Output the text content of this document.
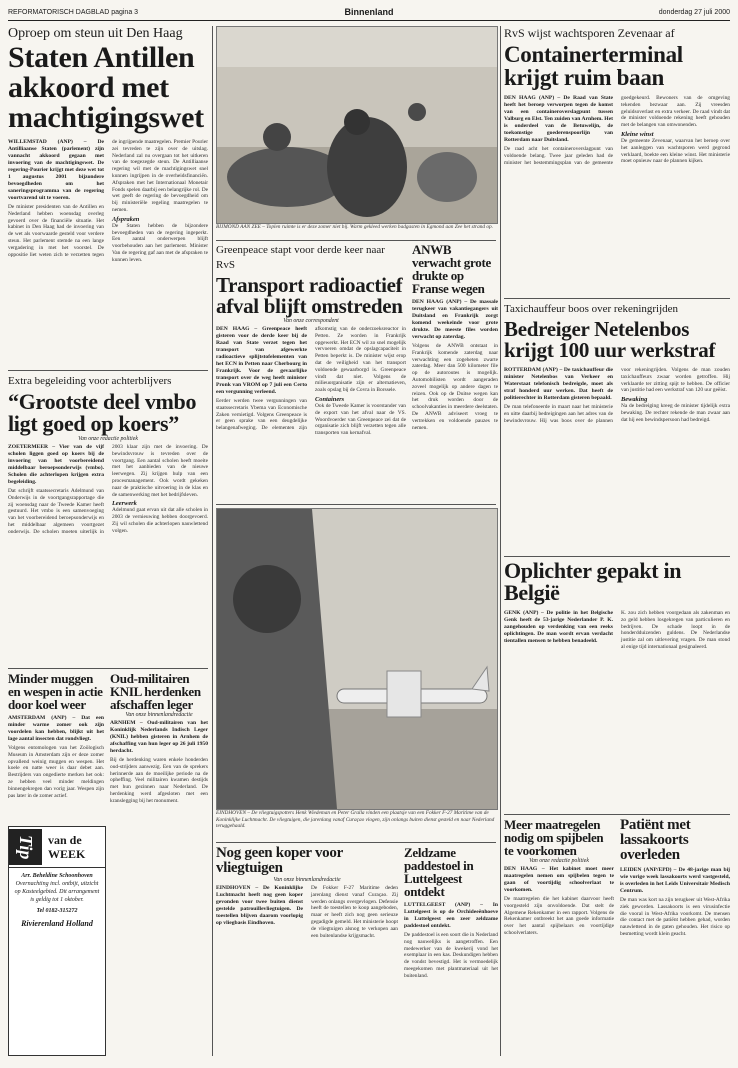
REFORMATORISCH DAGBLAD pagina 3	Binnenland	donderdag 27 juli 2000
Oproep om steun uit Den Haag
Staten Antillen akkoord met machtigingswet

WILLEMSTAD (ANP) – De Antilliaanse Staten (parlement) zijn vannacht akkoord gegaan met invoering van de machtigingswet. De regering-Pourier krijgt met deze wet tot 1 augustus 2001 bijzondere bevoegdheden om het saneringsprogramma van de regering voortvarend uit te voeren.

De minister presidenten van de Antillen en Nederland hebben woensdag overleg gevoerd over de financiële situatie. Het kabinet in Den Haag had de invoering van de wet als voorwaarde gesteld voor verdere steun. Het parlement stemde na een lange vergadering in met het voorstel. De oppositie liet weten zich te verzetten tegen de ingrijpende maatregelen. Premier Pourier zei tevreden te zijn over de uitslag. Nederland zal nu overgaan tot het uitkeren van de toegezegde steun. De Antilliaanse regering wil met de machtigingswet snel kunnen ingrijpen in de overheidsfinanciën. Afspraken met het Internationaal Monetair Fonds spelen daarbij een belangrijke rol. De wet geeft de regering de bevoegdheid om bij ministeriële regeling maatregelen te nemen.

Afspraken

De Staten hebben de bijzondere bevoegdheden van de regering ingeperkt. Een aantal onderwerpen blijft voorbehouden aan het parlement. Minister Van de regering gaf aan met de afspraken te kunnen leven.

BIJMOND AAN ZEE – Toplen ruimte is er deze zomer niet bij. Warm gekleed werken badgasten in Egmond aan Zee het strand op.
RvS wijst wachtsporen Zevenaar af
Containerterminal krijgt ruim baan

DEN HAAG (ANP) – De Raad van State heeft het beroep verworpen tegen de komst van een containeroverslagpunt tussen Valburg en Elst. Ten zuiden van Arnhem. Het is onderdeel van de Betuwelijn, de toekomstige goederenspoorlijn van Rotterdam naar Duitsland.

De raad acht het containeroverslagpunt van voldoende belang. Twee jaar geleden had de minister het bestemmingsplan van de gemeente goedgekeurd. Bewoners van de omgeving tekenden bezwaar aan. Zij vreesden geluidsoverlast en extra verkeer. De raad vindt dat de minister voldoende rekening heeft gehouden met de belangen van omwonenden.

Kleine winst

De gemeente Zevenaar, waarvan het beroep over het aanleggen van wachtsporen werd gegrond verklaard, boekte een kleine winst. Het ministerie moet opnieuw naar de plannen kijken.

Greenpeace stapt voor derde keer naar RvS
Transport radioactief afval blijft omstreden
Van onze correspondent

DEN HAAG – Greenpeace heeft gisteren voor de derde keer bij de Raad van State verzet tegen het transport van afgewerkte radioactieve splijtstofelementen van het ECN in Petten naar Cherbourg in Frankrijk. Voor de gevaarlijke transport over de weg heeft minister Pronk van VROM op 7 juli een Certo een vergunning verleend.

Eerder werden twee vergunningen van staatssecretaris Ybema van Economische Zaken vernietigd. Volgens Greenpeace is er geen sprake van een deugdelijke belangenafweging. De elementen zijn afkomstig van de onderzoeksreactor in Petten. Ze worden in Frankrijk opgewerkt. Het ECN wil zo snel mogelijk vervoeren omdat de opslagcapaciteit in Petten beperkt is. De minister wijst erop dat de veiligheid van het transport voldoende gewaarborgd is. Greenpeace vindt dat niet. Volgens de milieuorganisatie zijn er alternatieven, zoals opslag bij de Covra in Borssele.

Containers

Ook de Tweede Kamer is voorstander van de export van het afval naar de VS. Woordvoerder van Greenpeace zei dat de organisatie zich blijft verzetten tegen alle transporten van kernafval.

ANWB verwacht grote drukte op Franse wegen

DEN HAAG (ANP) – De massale terugkeer van vakantiegangers uit Duitsland en Frankrijk zorgt komend weekeinde voor grote drukte. De meeste files worden verwacht op zaterdag.

Volgens de ANWB ontstaat in Frankrijk komende zaterdag naar verwachting een zogeheten zwarte zaterdag. Meer dan 500 kilometer file op de autoroutes is mogelijk. Automobilisten wordt aangeraden zoveel mogelijk op andere dagen te reizen. Ook op de Duitse wegen kan het druk worden door de schoolvakanties in meerdere deelstaten. De ANWB adviseert vroeg te vertrekken en voldoende pauzes te nemen.

Taxichauffeur boos over rekeningrijden
Bedreiger Netelenbos krijgt 100 uur werkstraf

ROTTERDAM (ANP) – De taxichauffeur die minister Netelenbos van Verkeer en Waterstaat telefonisch bedreigde, moet als straf honderd uur werken. Dat heeft de politierechter in Rotterdam gisteren bepaald.

De man telefoneerde in maart naar het ministerie en uitte daarbij bedreigingen aan het adres van de bewindsvrouw. Hij was boos over de plannen voor rekeningrijden. Volgens de man zouden taxichauffeurs zwaar worden getroffen. Hij verklaarde ter zitting spijt te hebben. De officier van justitie had een werkstraf van 120 uur geëist.

Bewaking

Na de bedreiging kreeg de minister tijdelijk extra bewaking. De rechter rekende de man zwaar aan dat hij een bewindspersoon had bedreigd.

Extra begeleiding voor achterblijvers
“Grootste deel vmbo ligt goed op koers”
Van onze redactie politiek

ZOETERMEER – Vier van de vijf scholen liggen goed op koers bij de invoering van het voorbereidend middelbaar beroepsonderwijs (vmbo). Scholen die achterlopen krijgen extra begeleiding.

Dat schrijft staatssecretaris Adelmund van Onderwijs in de voortgangsrapportage die zij woensdag naar de Tweede Kamer heeft gestuurd. Het vmbo is een samenvoeging van het voorbereidend beroepsonderwijs en het middelbaar algemeen voortgezet onderwijs. De scholen moeten uiterlijk in 2003 klaar zijn met de invoering. De bewindsvrouw is tevreden over de voortgang. Een aantal scholen heeft moeite met het aanbieden van de nieuwe leerwegen. Zij krijgen hulp van een procesmanagement. Ook wordt gekeken naar de praktische uitvoering in de klas en de samenwerking met het bedrijfsleven.

Leerwerk

Adelmund gaat ervan uit dat alle scholen in 2003 de vernieuwing hebben doorgevoerd. Zij wil scholen die achterlopen nauwlettend volgen.

EINDHOVEN – De vliegtuigspotters Henk Wiedeman en Peter Gralla vinden een plaatsje van een Fokker F-27 Maritime van de Koninklijke Luchtmacht. De vliegtuigen, die jarenlang vanaf Curaçao vlogen, zijn onlangs buiten dienst gesteld en naar Nederland teruggehaald.
Oplichter gepakt in België

GENK (ANP) – De politie in het Belgische Genk heeft de 53-jarige Nederlander P. K. aangehouden op verdenking van een reeks oplichtingen. De man wordt ervan verdacht tientallen mensen te hebben benadeeld.

K. zou zich hebben voorgedaan als zakenman en zo geld hebben losgekregen van particulieren en bedrijven. De schade loopt in de honderdduizenden guldens. De Nederlandse justitie zal om uitlevering vragen. De man stond al enige tijd internationaal gesignaleerd.

Minder muggen en wespen in actie door koel weer

AMSTERDAM (ANP) – Dat een minder warme zomer ook zijn voordelen kan hebben, blijkt uit het lage aantal insecten dat rondvliegt.

Volgens entomologen van het Zoölogisch Museum in Amsterdam zijn er deze zomer opvallend weinig muggen en wespen. Het koele en natte weer is daar debet aan. Bestrijders van ongedierte merken het ook: ze hebben veel minder meldingen binnengekregen dan vorig jaar. Wespen zijn pas later in de zomer actief.

Oud-militairen KNIL herdenken afschaffen leger
Van onze binnenlandredactie

ARNHEM – Oud-militairen van het Koninklijk Nederlands Indisch Leger (KNIL) hebben gisteren in Arnhem de afschaffing van hun leger op 26 juli 1950 herdacht.

Bij de herdenking waren enkele honderden oud-strijders aanwezig. Een van de sprekers herinnerde aan de moeilijke periode na de opheffing. Veel militairen kwamen destijds met hun gezinnen naar Nederland. De herdenking werd afgesloten met een kranslegging bij het monument.

Tip	van de WEEK
Arr. Beheldine Schoonhoven
Overnachting incl. ontbijt, uitzicht op Kasteelgebied. Dit arrangement is geldig tot 1 oktober.
Tel 0182-315272
Rivierenland Holland
Nog geen koper voor vliegtuigen
Van onze binnenlandredactie

EINDHOVEN – De Koninklijke Luchtmacht heeft nog geen koper gevonden voor twee buiten dienst gestelde patrouillevliegtuigen. De toestellen blijven daarom voorlopig op vliegbasis Eindhoven.

De Fokker F-27 Maritime deden jarenlang dienst vanaf Curaçao. Zij werden onlangs overgevlogen. Defensie heeft de toestellen te koop aangeboden, maar er heeft zich nog geen serieuze gegadigde gemeld. Het ministerie hoopt de vliegtuigen alsnog te verkopen aan een buitenlandse krijgsmacht.

Zeldzame paddestoel in Luttelgeest ontdekt

LUTTELGEEST (ANP) – In Luttelgeest is op de Orchideeënhoeve in Luttelgeest een zeer zeldzame paddestoel ontdekt.

De paddestoel is een soort die in Nederland nog nauwelijks is aangetroffen. Een medewerker van de kwekerij vond het exemplaar in een kas. Deskundigen hebben de vondst bevestigd. Het is vermoedelijk meegekomen met plantmateriaal uit het buitenland.

Meer maatregelen nodig om spijbelen te voorkomen
Van onze redactie politiek

DEN HAAG – Het kabinet moet meer maatregelen nemen om spijbelen tegen te gaan of voortijdig schoolverlaat te voorkomen.

De maatregelen die het kabinet daarvoor heeft voorgesteld zijn onvoldoende. Dat stelt de Algemene Rekenkamer in een rapport. Volgens de Rekenkamer ontbreekt het aan goede informatie over het aantal spijbelaars en voortijdige schoolverlaters.

Patiënt met lassakoorts overleden

LEIDEN (ANP/EPD) – De 48-jarige man bij wie vorige week lassakoorts werd vastgesteld, is overleden in het Leids Universitair Medisch Centrum.

De man was kort na zijn terugkeer uit West-Afrika ziek geworden. Lassakoorts is een virusinfectie die vooral in West-Afrika voorkomt. De mensen die contact met de patiënt hebben gehad, worden nauwlettend in de gaten gehouden. Het risico op besmetting wordt klein geacht.
